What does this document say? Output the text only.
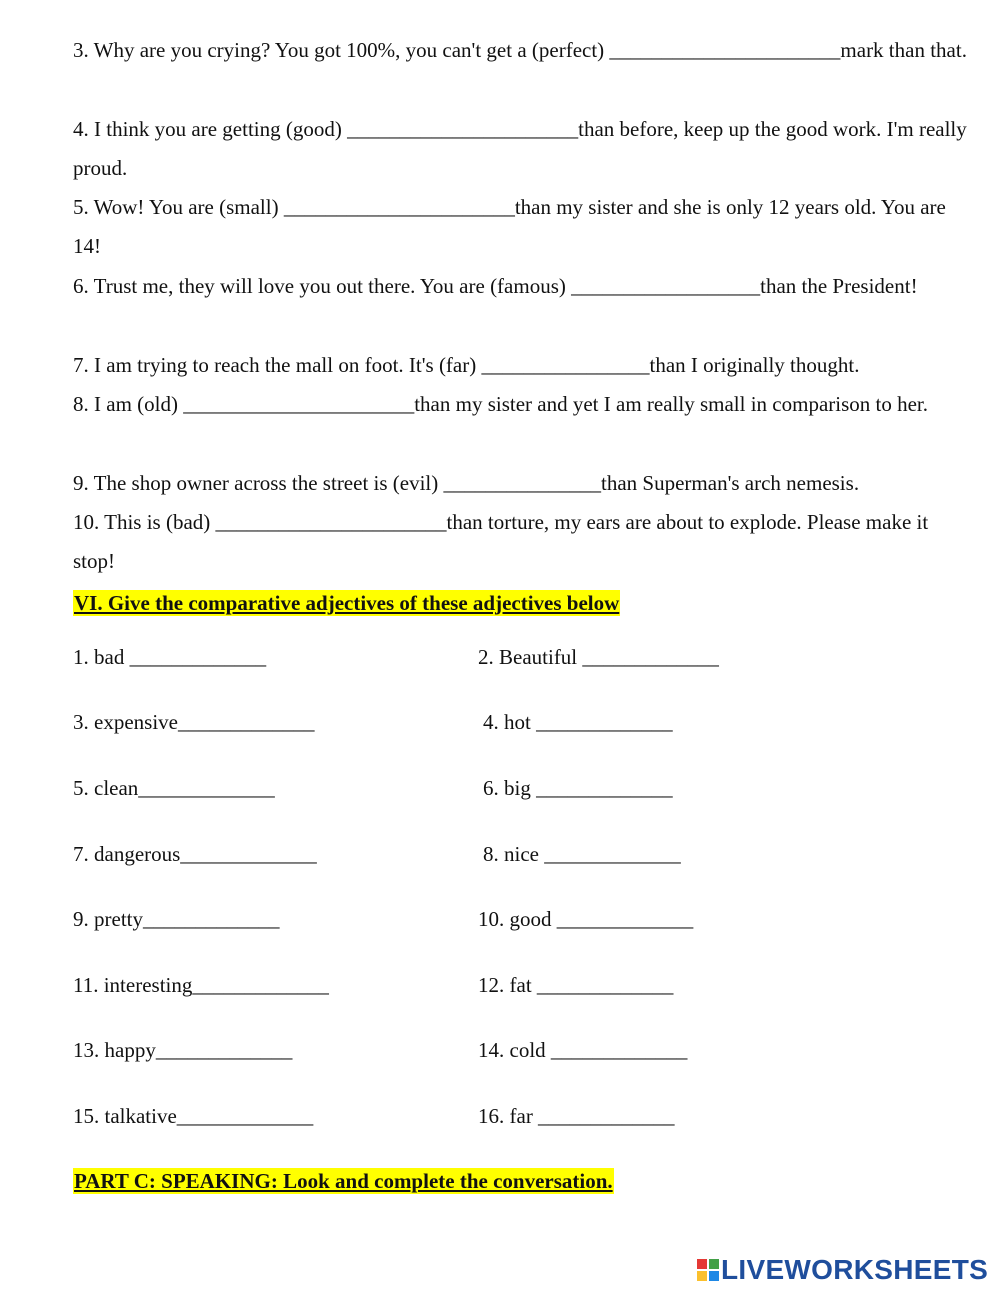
3. Why are you crying? You got 100%, you can't get a (perfect) ______________________mark than that.

4. I think you are getting (good) ______________________than before, keep up the good work. I'm really proud.

5. Wow! You are (small) ______________________than my sister and she is only 12 years old. You are 14!

6. Trust me, they will love you out there. You are (famous) __________________than the President!

7. I am trying to reach the mall on foot. It's (far) ________________than I originally thought.

8. I am (old) ______________________than my sister and yet I am really small in comparison to her.

9. The shop owner across the street is (evil) _______________than Superman's arch nemesis.

10. This is (bad) ______________________than torture, my ears are about to explode. Please make it stop!

VI. Give the comparative adjectives of these adjectives below
1. bad _____________	2. Beautiful _____________
3. expensive_____________	4. hot _____________
5. clean_____________	6. big _____________
7. dangerous_____________	8. nice _____________
9. pretty_____________	10. good _____________
11. interesting_____________	12. fat _____________
13. happy_____________	14. cold _____________
15. talkative_____________	16. far _____________
PART C: SPEAKING: Look and complete the conversation.
LIVEWORKSHEETS
